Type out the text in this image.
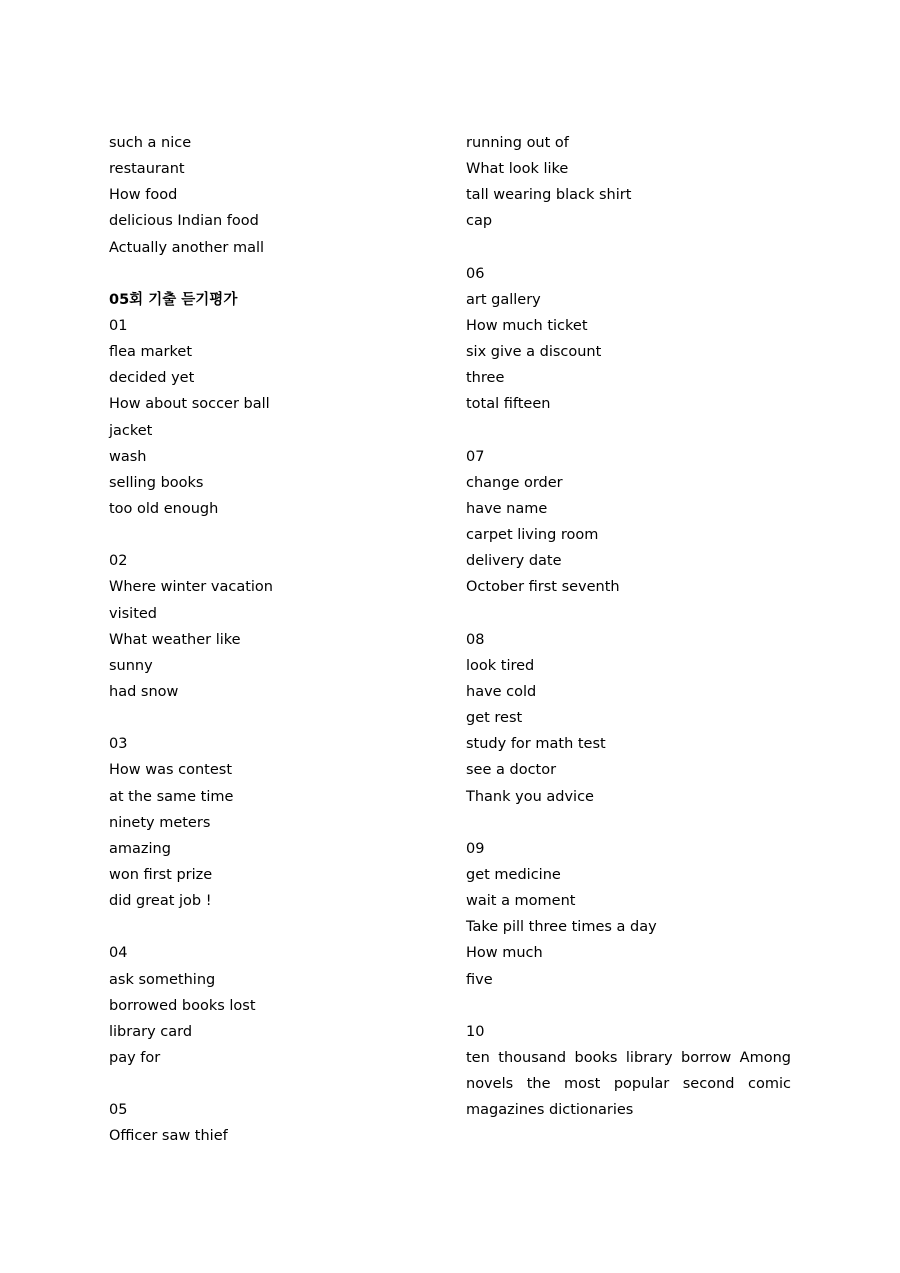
such a nice
restaurant
How food
delicious Indian food
Actually another mall
05회 기출 듣기평가
01
flea market
decided yet
How about soccer ball
jacket
wash
selling books
too old enough
02
Where winter vacation
visited
What weather like
sunny
had snow
03
How was contest
at the same time
ninety meters
amazing
won first prize
did great job !
04
ask something
borrowed books lost
library card
pay for
05
Officer saw thief
running out of
What look like
tall wearing black shirt
cap
06
art gallery
How much ticket
six give a discount
three
total fifteen
07
change order
have name
carpet living room
delivery date
October first seventh
08
look tired
have cold
get rest
study for math test
see a doctor
Thank you advice
09
get medicine
wait a moment
Take pill three times a day
How much
five
10
ten thousand books library borrow Among novels the most popular second comic magazines dictionaries
